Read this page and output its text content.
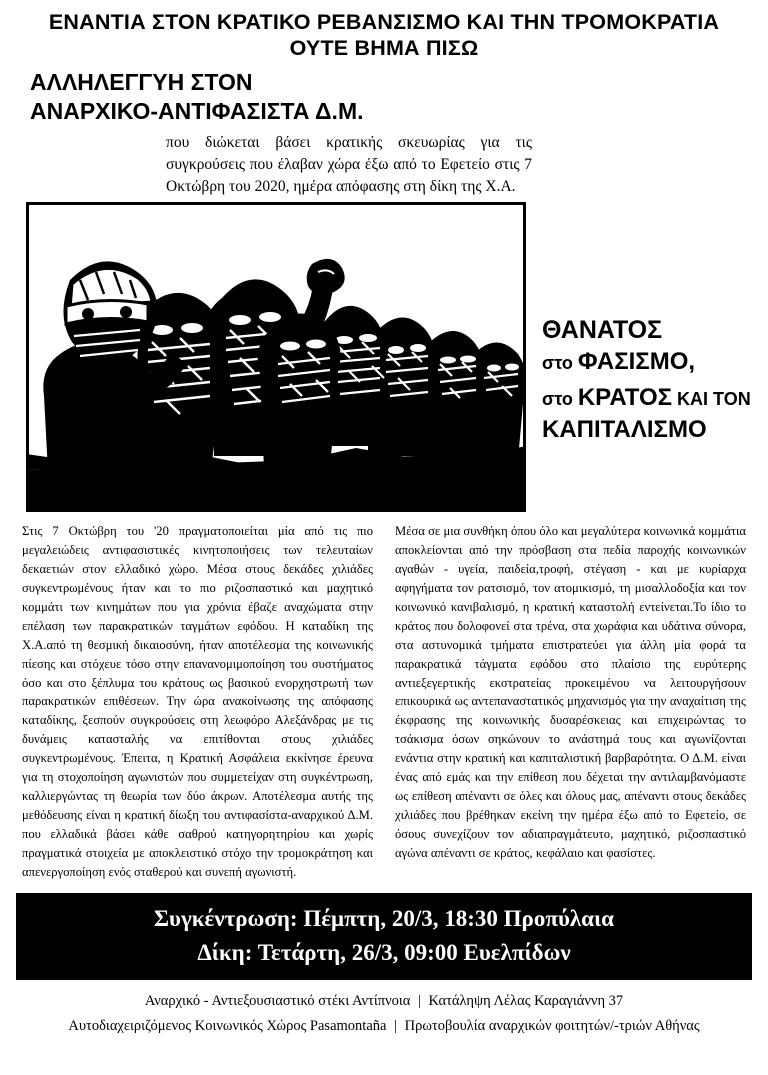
ΕΝΑΝΤΙΑ ΣΤΟΝ ΚΡΑΤΙΚΟ ΡΕΒΑΝΣΙΣΜΟ ΚΑΙ ΤΗΝ ΤΡΟΜΟΚΡΑΤΙΑ
ΟΥΤΕ ΒΗΜΑ ΠΙΣΩ
ΑΛΛΗΛΕΓΓΥΗ ΣΤΟΝ
ΑΝΑΡΧΙΚΟ-ΑΝΤΙΦΑΣΙΣΤΑ Δ.Μ.
που διώκεται βάσει κρατικής σκευωρίας για τις συγκρούσεις που έλαβαν χώρα έξω από το Εφετείο στις 7 Οκτώβρη του 2020, ημέρα απόφασης στη δίκη της Χ.Α.
GHI2024
ΘΑΝΑΤΟΣ
στο ΦΑΣΙΣΜΟ,
στο ΚΡΑΤΟΣ ΚΑΙ ΤΟΝ
ΚΑΠΙΤΑΛΙΣΜΟ

Στις 7 Οκτώβρη του '20 πραγματοποιείται μία από τις πιο μεγαλειώδεις αντιφασιστικές κινητοποιήσεις των τελευταίων δεκαετιών στον ελλαδικό χώρο. Μέσα στους δεκάδες χιλιάδες συγκεντρωμένους ήταν και το πιο ριζοσπαστικό και μαχητικό κομμάτι των κινημάτων που για χρόνια έβαζε αναχώματα στην επέλαση των παρακρατικών ταγμάτων εφόδου. Η καταδίκη της Χ.Α.από τη θεσμική δικαιοσύνη, ήταν αποτέλεσμα της κοινωνικής πίεσης και στόχευε τόσο στην επανανομιμοποίηση του συστήματος όσο και στο ξέπλυμα του κράτους ως βασικού ενορχηστρωτή των παρακρατικών επιθέσεων. Την ώρα ανακοίνωσης της απόφασης καταδίκης, ξεσπούν συγκρούσεις στη λεωφόρο Αλεξάνδρας με τις δυνάμεις κατασταλής να επιτίθονται στους χιλιάδες συγκεντρωμένους. Έπειτα, η Κρατική Ασφάλεια εκκίνησε έρευνα για τη στοχοποίηση αγωνιστών που συμμετείχαν στη συγκέντρωση, καλλιεργώντας τη θεωρία των δύο άκρων. Αποτέλεσμα αυτής της μεθόδευσης είναι η κρατική δίωξη του αντιφασίστα-αναρχικού Δ.Μ. που ελλαδικά βάσει κάθε σαθρού κατηγορητηρίου και χωρίς πραγματικά στοιχεία με αποκλειστικό στόχο την τρομοκράτηση και απενεργοποίηση ενός σταθερού και συνεπή αγωνιστή.

Μέσα σε μια συνθήκη όπου όλο και μεγαλύτερα κοινωνικά κομμάτια αποκλείονται από την πρόσβαση στα πεδία παροχής κοινωνικών αγαθών - υγεία, παιδεία,τροφή, στέγαση - και με κυρίαρχα αφηγήματα τον ρατσισμό, τον ατομικισμό, τη μισαλλοδοξία και τον κοινωνικό κανιβαλισμό, η κρατική καταστολή εντείνεται.Το ίδιο το κράτος που δολοφονεί στα τρένα, στα χωράφια και υδάτινα σύνορα, στα αστυνομικά τμήματα επιστρατεύει για άλλη μία φορά τα παρακρατικά τάγματα εφόδου στο πλαίσιο της ευρύτερης αντιεξεγερτικής εκστρατείας προκειμένου να λειτουργήσουν επικουρικά ως αντεπαναστατικός μηχανισμός για την αναχαίτιση της έκφρασης της κοινωνικής δυσαρέσκειας και επιχειρώντας το τσάκισμα όσων σηκώνουν το ανάστημά τους και αγωνίζονται ενάντια στην κρατική και καπιταλιστική βαρβαρότητα. Ο Δ.Μ. είναι ένας από εμάς και την επίθεση που δέχεται την αντιλαμβανόμαστε ως επίθεση απέναντι σε όλες και όλους μας, απέναντι στους δεκάδες χιλιάδες που βρέθηκαν εκείνη την ημέρα έξω από το Εφετείο, σε όσους συνεχίζουν τον αδιαπραγμάτευτο, μαχητικό, ριζοσπαστικό αγώνα απέναντι σε κράτος, κεφάλαιο και φασίστες.

Συγκέντρωση: Πέμπτη, 20/3, 18:30 Προπύλαια
Δίκη: Τετάρτη, 26/3, 09:00 Ευελπίδων
Αναρχικό - Αντιεξουσιαστικό στέκι Αντίπνοια | Κατάληψη Λέλας Καραγιάννη 37
Αυτοδιαχειριζόμενος Κοινωνικός Χώρος Pasamontaña | Πρωτοβουλία αναρχικών φοιτητών/-τριών Αθήνας
